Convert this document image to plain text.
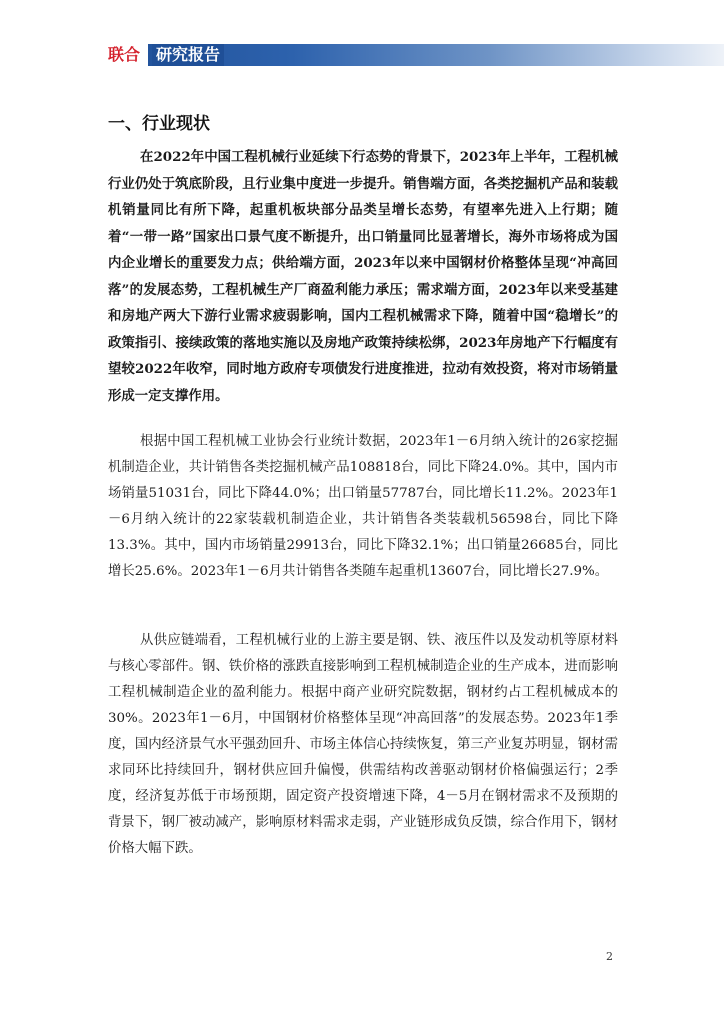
联合 研究报告
一、行业现状

在2022年中国工程机械行业延续下行态势的背景下，2023年上半年，工程机械行业仍处于筑底阶段，且行业集中度进一步提升。销售端方面，各类挖掘机产品和装载机销量同比有所下降，起重机板块部分品类呈增长态势，有望率先进入上行期；随着“一带一路”国家出口景气度不断提升，出口销量同比显著增长，海外市场将成为国内企业增长的重要发力点；供给端方面，2023年以来中国钢材价格整体呈现“冲高回落”的发展态势，工程机械生产厂商盈利能力承压；需求端方面，2023年以来受基建和房地产两大下游行业需求疲弱影响，国内工程机械需求下降，随着中国“稳增长”的政策指引、接续政策的落地实施以及房地产政策持续松绑，2023年房地产下行幅度有望较2022年收窄，同时地方政府专项债发行进度推进，拉动有效投资，将对市场销量形成一定支撑作用。

根据中国工程机械工业协会行业统计数据，2023年1－6月纳入统计的26家挖掘机制造企业，共计销售各类挖掘机械产品108818台，同比下降24.0%。其中，国内市场销量51031台，同比下降44.0%；出口销量57787台，同比增长11.2%。2023年1－6月纳入统计的22家装载机制造企业，共计销售各类装载机56598台，同比下降13.3%。其中，国内市场销量29913台，同比下降32.1%；出口销量26685台，同比增长25.6%。2023年1－6月共计销售各类随车起重机13607台，同比增长27.9%。

从供应链端看，工程机械行业的上游主要是钢、铁、液压件以及发动机等原材料与核心零部件。钢、铁价格的涨跌直接影响到工程机械制造企业的生产成本，进而影响工程机械制造企业的盈利能力。根据中商产业研究院数据，钢材约占工程机械成本的30%。2023年1－6月，中国钢材价格整体呈现“冲高回落”的发展态势。2023年1季度，国内经济景气水平强劲回升、市场主体信心持续恢复，第三产业复苏明显，钢材需求同环比持续回升，钢材供应回升偏慢，供需结构改善驱动钢材价格偏强运行；2季度，经济复苏低于市场预期，固定资产投资增速下降，4－5月在钢材需求不及预期的背景下，钢厂被动减产，影响原材料需求走弱，产业链形成负反馈，综合作用下，钢材价格大幅下跌。

2
